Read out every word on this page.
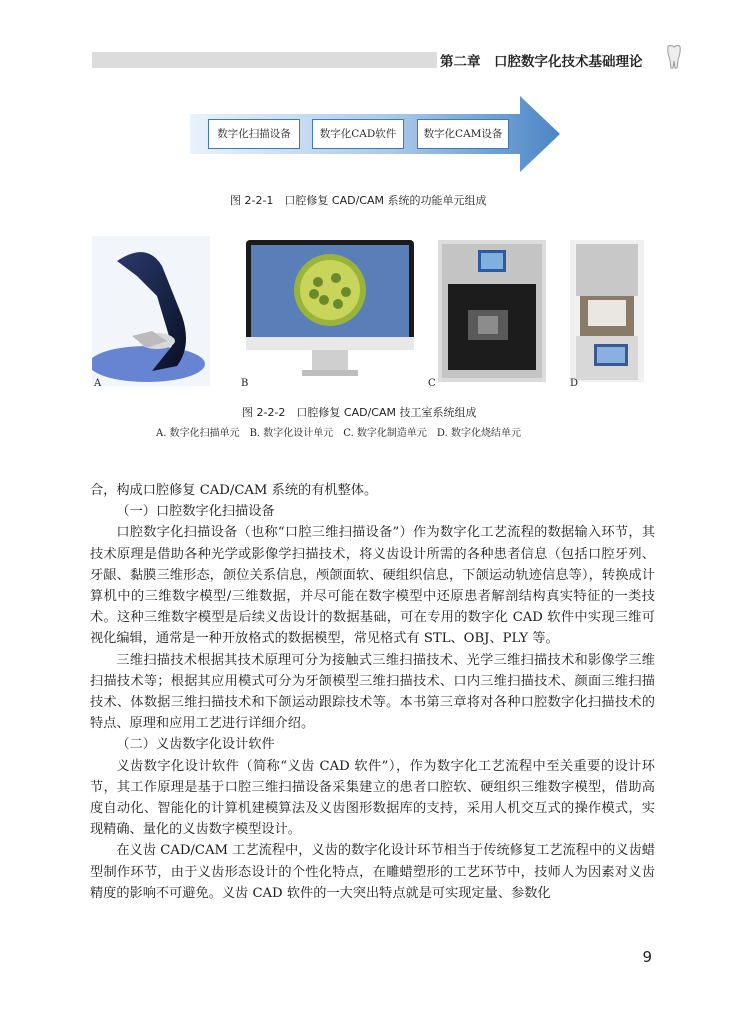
第二章　口腔数字化技术基础理论
数字化扫描设备	数字化CAD软件	数字化CAM设备
图 2-2-1　口腔修复 CAD/CAM 系统的功能单元组成
A	B	C	D
图 2-2-2　口腔修复 CAD/CAM 技工室系统组成
A. 数字化扫描单元　B. 数字化设计单元　C. 数字化制造单元　D. 数字化烧结单元

合，构成口腔修复 CAD/CAM 系统的有机整体。

（一）口腔数字化扫描设备

口腔数字化扫描设备（也称“口腔三维扫描设备”）作为数字化工艺流程的数据输入环节，其技术原理是借助各种光学或影像学扫描技术，将义齿设计所需的各种患者信息（包括口腔牙列、牙龈、黏膜三维形态，颌位关系信息，颅颌面软、硬组织信息，下颌运动轨迹信息等），转换成计算机中的三维数字模型/三维数据，并尽可能在数字模型中还原患者解剖结构真实特征的一类技术。这种三维数字模型是后续义齿设计的数据基础，可在专用的数字化 CAD 软件中实现三维可视化编辑，通常是一种开放格式的数据模型，常见格式有 STL、OBJ、PLY 等。

三维扫描技术根据其技术原理可分为接触式三维扫描技术、光学三维扫描技术和影像学三维扫描技术等；根据其应用模式可分为牙颌模型三维扫描技术、口内三维扫描技术、颜面三维扫描技术、体数据三维扫描技术和下颌运动跟踪技术等。本书第三章将对各种口腔数字化扫描技术的特点、原理和应用工艺进行详细介绍。

（二）义齿数字化设计软件

义齿数字化设计软件（简称“义齿 CAD 软件”），作为数字化工艺流程中至关重要的设计环节，其工作原理是基于口腔三维扫描设备采集建立的患者口腔软、硬组织三维数字模型，借助高度自动化、智能化的计算机建模算法及义齿图形数据库的支持，采用人机交互式的操作模式，实现精确、量化的义齿数字模型设计。

在义齿 CAD/CAM 工艺流程中，义齿的数字化设计环节相当于传统修复工艺流程中的义齿蜡型制作环节，由于义齿形态设计的个性化特点，在雕蜡塑形的工艺环节中，技师人为因素对义齿精度的影响不可避免。义齿 CAD 软件的一大突出特点就是可实现定量、参数化

9
